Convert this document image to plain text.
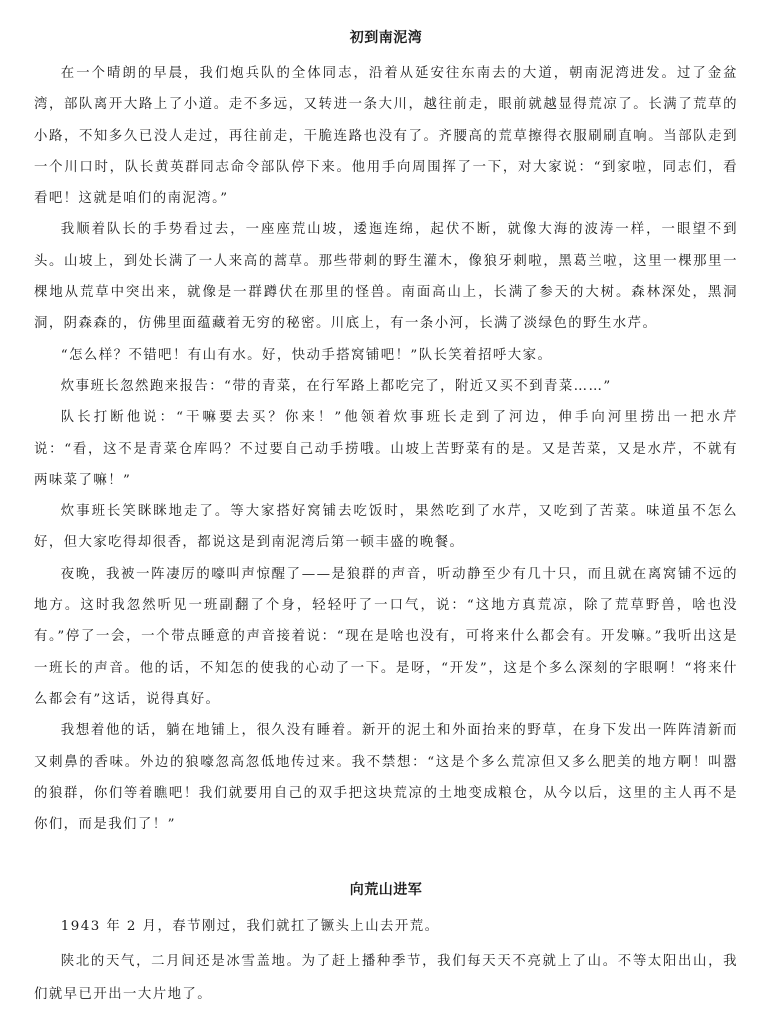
初到南泥湾

在一个晴朗的早晨，我们炮兵队的全体同志，沿着从延安往东南去的大道，朝南泥湾进发。过了金盆湾，部队离开大路上了小道。走不多远，又转进一条大川，越往前走，眼前就越显得荒凉了。长满了荒草的小路，不知多久已没人走过，再往前走，干脆连路也没有了。齐腰高的荒草擦得衣服刷刷直响。当部队走到一个川口时，队长黄英群同志命令部队停下来。他用手向周围挥了一下，对大家说：“到家啦，同志们，看看吧！这就是咱们的南泥湾。”

我顺着队长的手势看过去，一座座荒山坡，逶迤连绵，起伏不断，就像大海的波涛一样，一眼望不到头。山坡上，到处长满了一人来高的蒿草。那些带刺的野生灌木，像狼牙刺啦，黑葛兰啦，这里一棵那里一棵地从荒草中突出来，就像是一群蹲伏在那里的怪兽。南面高山上，长满了参天的大树。森林深处，黑洞洞，阴森森的，仿佛里面蕴藏着无穷的秘密。川底上，有一条小河，长满了淡绿色的野生水芹。

“怎么样？不错吧！有山有水。好，快动手搭窝铺吧！”队长笑着招呼大家。

炊事班长忽然跑来报告：“带的青菜，在行军路上都吃完了，附近又买不到青菜……”

队长打断他说：“干嘛要去买？你来！”他领着炊事班长走到了河边，伸手向河里捞出一把水芹说：“看，这不是青菜仓库吗？不过要自己动手捞哦。山坡上苦野菜有的是。又是苦菜，又是水芹，不就有两味菜了嘛！”

炊事班长笑眯眯地走了。等大家搭好窝铺去吃饭时，果然吃到了水芹，又吃到了苦菜。味道虽不怎么好，但大家吃得却很香，都说这是到南泥湾后第一顿丰盛的晚餐。

夜晚，我被一阵凄厉的嚎叫声惊醒了——是狼群的声音，听动静至少有几十只，而且就在离窝铺不远的地方。这时我忽然听见一班副翻了个身，轻轻吁了一口气，说：“这地方真荒凉，除了荒草野兽，啥也没有。”停了一会，一个带点睡意的声音接着说：“现在是啥也没有，可将来什么都会有。开发嘛。”我听出这是一班长的声音。他的话，不知怎的使我的心动了一下。是呀，“开发”，这是个多么深刻的字眼啊！“将来什么都会有”这话，说得真好。

我想着他的话，躺在地铺上，很久没有睡着。新开的泥土和外面抬来的野草，在身下发出一阵阵清新而又刺鼻的香味。外边的狼嚎忽高忽低地传过来。我不禁想：“这是个多么荒凉但又多么肥美的地方啊！叫嚣的狼群，你们等着瞧吧！我们就要用自己的双手把这块荒凉的土地变成粮仓，从今以后，这里的主人再不是你们，而是我们了！”

向荒山进军

1943 年 2 月，春节刚过，我们就扛了镢头上山去开荒。

陕北的天气，二月间还是冰雪盖地。为了赶上播种季节，我们每天天不亮就上了山。不等太阳出山，我们就早已开出一大片地了。
